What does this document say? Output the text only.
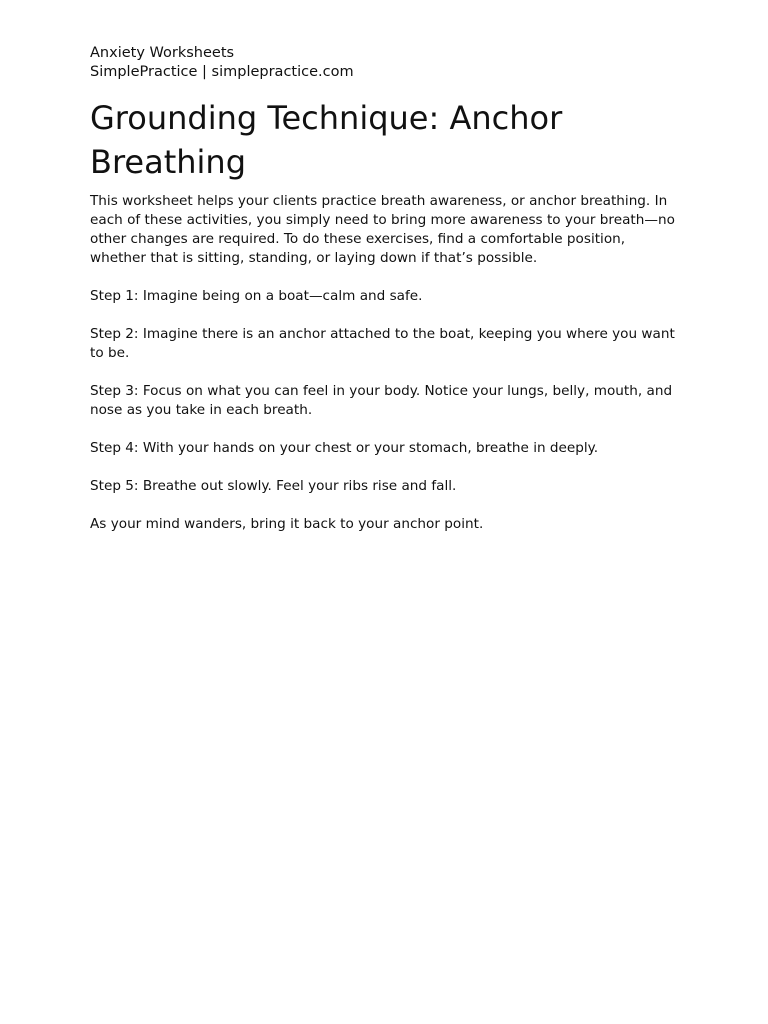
Anxiety Worksheets

SimplePractice | simplepractice.com

Grounding Technique: Anchor Breathing

This worksheet helps your clients practice breath awareness, or anchor breathing. In each of these activities, you simply need to bring more awareness to your breath—no other changes are required. To do these exercises, find a comfortable position, whether that is sitting, standing, or laying down if that’s possible.

Step 1: Imagine being on a boat—calm and safe.

Step 2: Imagine there is an anchor attached to the boat, keeping you where you want to be.

Step 3: Focus on what you can feel in your body. Notice your lungs, belly, mouth, and nose as you take in each breath.

Step 4: With your hands on your chest or your stomach, breathe in deeply.

Step 5: Breathe out slowly. Feel your ribs rise and fall.

As your mind wanders, bring it back to your anchor point.
